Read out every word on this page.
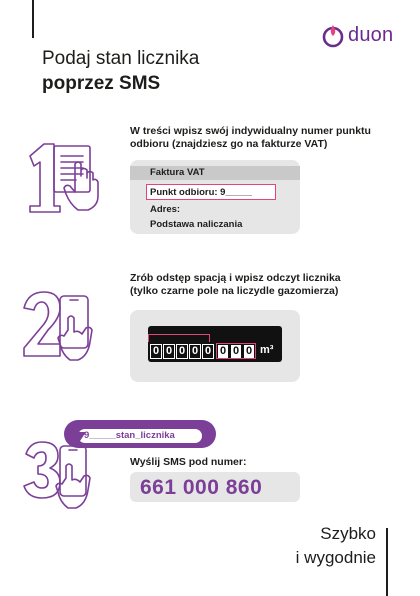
duon
Podaj stan licznika
poprzez SMS
W treści wpisz swój indywidualny numer punktu
odbioru (znajdziesz go na fakturze VAT)
Faktura VAT
Punkt odbioru: 9_____
Adres:
Podstawa naliczania
Zrób odstęp spacją i wpisz odczyt licznika
(tylko czarne pole na liczydle gazomierza)
0 0 0 0 0 0 0 0 m³
9_____stan_licznika
Wyślij SMS pod numer:
661 000 860
Szybko
i wygodnie
